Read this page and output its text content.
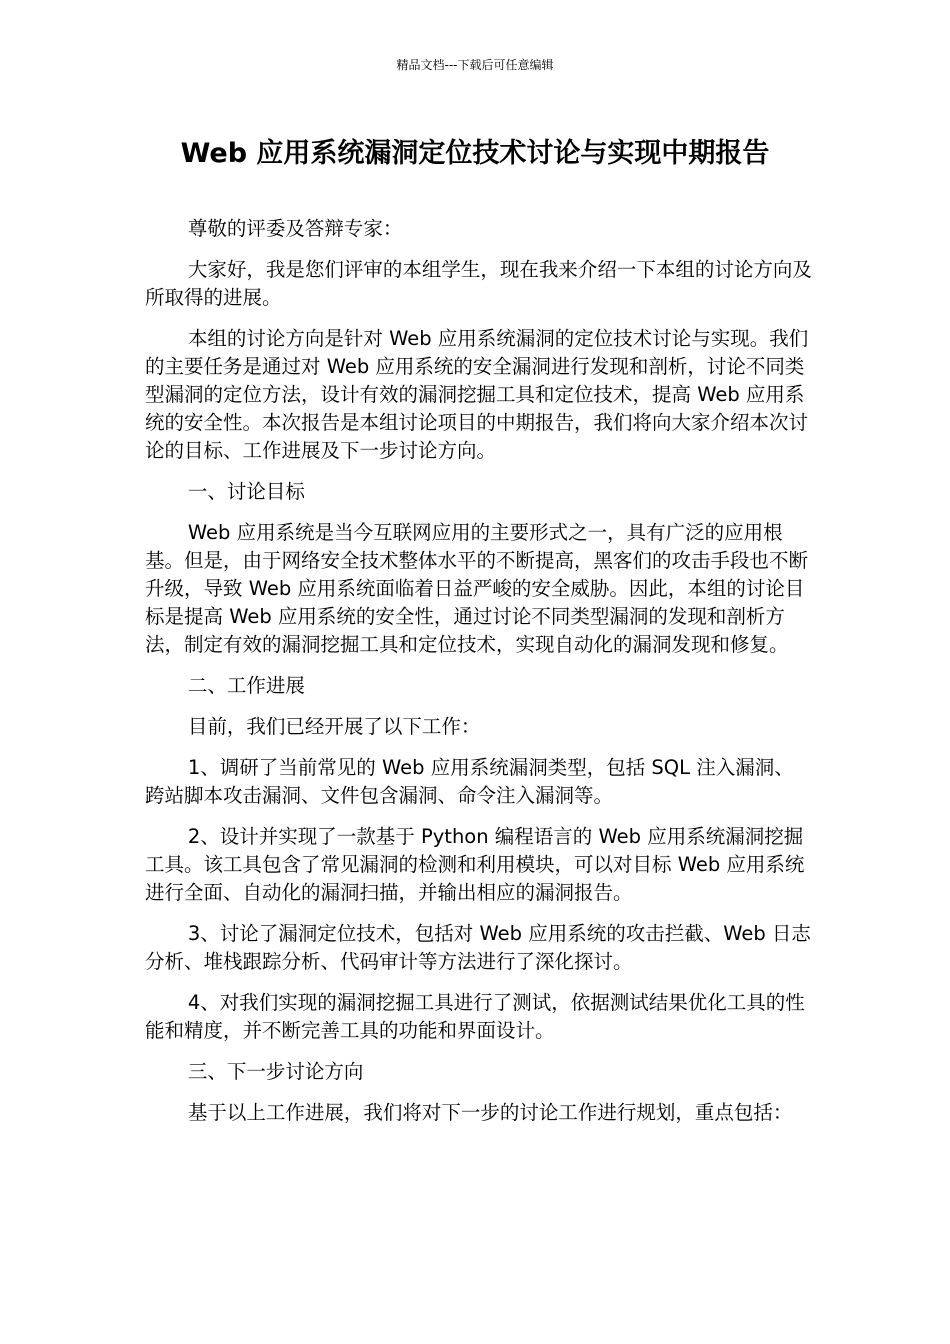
精品文档---下载后可任意编辑
Web 应用系统漏洞定位技术讨论与实现中期报告

尊敬的评委及答辩专家：

大家好，我是您们评审的本组学生，现在我来介绍一下本组的讨论方向及所取得的进展。

本组的讨论方向是针对 Web 应用系统漏洞的定位技术讨论与实现。我们的主要任务是通过对 Web 应用系统的安全漏洞进行发现和剖析，讨论不同类型漏洞的定位方法，设计有效的漏洞挖掘工具和定位技术，提高 Web 应用系统的安全性。本次报告是本组讨论项目的中期报告，我们将向大家介绍本次讨论的目标、工作进展及下一步讨论方向。

一、讨论目标

Web 应用系统是当今互联网应用的主要形式之一，具有广泛的应用根基。但是，由于网络安全技术整体水平的不断提高，黑客们的攻击手段也不断升级，导致 Web 应用系统面临着日益严峻的安全威胁。因此，本组的讨论目标是提高 Web 应用系统的安全性，通过讨论不同类型漏洞的发现和剖析方法，制定有效的漏洞挖掘工具和定位技术，实现自动化的漏洞发现和修复。

二、工作进展

目前，我们已经开展了以下工作：

1、调研了当前常见的 Web 应用系统漏洞类型，包括 SQL 注入漏洞、跨站脚本攻击漏洞、文件包含漏洞、命令注入漏洞等。

2、设计并实现了一款基于 Python 编程语言的 Web 应用系统漏洞挖掘工具。该工具包含了常见漏洞的检测和利用模块，可以对目标 Web 应用系统进行全面、自动化的漏洞扫描，并输出相应的漏洞报告。

3、讨论了漏洞定位技术，包括对 Web 应用系统的攻击拦截、Web 日志分析、堆栈跟踪分析、代码审计等方法进行了深化探讨。

4、对我们实现的漏洞挖掘工具进行了测试，依据测试结果优化工具的性能和精度，并不断完善工具的功能和界面设计。

三、下一步讨论方向

基于以上工作进展，我们将对下一步的讨论工作进行规划，重点包括：
